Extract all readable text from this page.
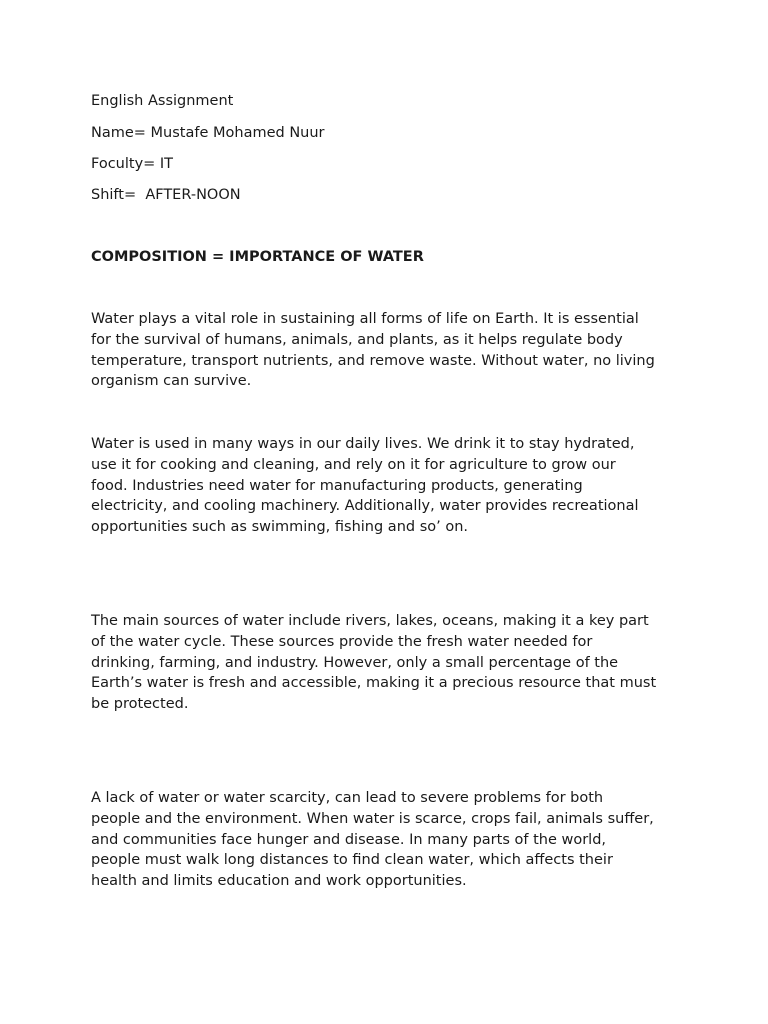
English Assignment
Name= Mustafe Mohamed Nuur
Foculty= IT
Shift=  AFTER-NOON
COMPOSITION = IMPORTANCE OF WATER
Water plays a vital role in sustaining all forms of life on Earth. It is essential
for the survival of humans, animals, and plants, as it helps regulate body
temperature, transport nutrients, and remove waste. Without water, no living
organism can survive.
Water is used in many ways in our daily lives. We drink it to stay hydrated,
use it for cooking and cleaning, and rely on it for agriculture to grow our
food. Industries need water for manufacturing products, generating
electricity, and cooling machinery. Additionally, water provides recreational
opportunities such as swimming, fishing and so’ on.
The main sources of water include rivers, lakes, oceans, making it a key part
of the water cycle. These sources provide the fresh water needed for
drinking, farming, and industry. However, only a small percentage of the
Earth’s water is fresh and accessible, making it a precious resource that must
be protected.
A lack of water or water scarcity, can lead to severe problems for both
people and the environment. When water is scarce, crops fail, animals suffer,
and communities face hunger and disease. In many parts of the world,
people must walk long distances to find clean water, which affects their
health and limits education and work opportunities.
